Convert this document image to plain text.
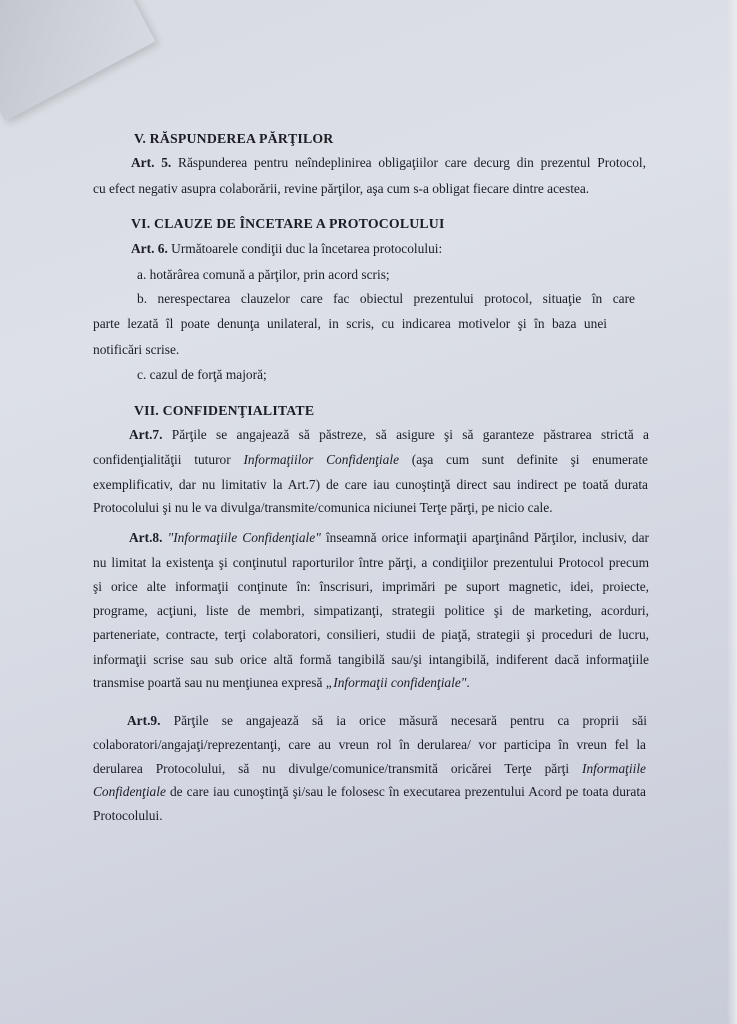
V. RĂSPUNDEREA PĂRŢILOR
Art. 5. Răspunderea pentru neîndeplinirea obligaţiilor care decurg din prezentul Protocol,
cu efect negativ asupra colaborării, revine părţilor, aşa cum s-a obligat fiecare dintre acestea.
VI. CLAUZE DE ÎNCETARE A PROTOCOLULUI
Art. 6. Următoarele condiţii duc la încetarea protocolului:
a. hotărârea comună a părţilor, prin acord scris;
b. nerespectarea clauzelor care fac obiectul prezentului protocol, situaţie în care
parte lezată îl poate denunţa unilateral, in scris, cu indicarea motivelor şi în baza unei
notificări scrise.
c. cazul de forţă majoră;
VII. CONFIDENŢIALITATE
Art.7. Părţile se angajează să păstreze, să asigure şi să garanteze păstrarea strictă a
confidenţialităţii tuturor Informaţiilor Confidenţiale (aşa cum sunt definite şi enumerate
exemplificativ, dar nu limitativ la Art.7) de care iau cunoştinţă direct sau indirect pe toată durata
Protocolului şi nu le va divulga/transmite/comunica niciunei Terţe părţi, pe nicio cale.
Art.8. "Informaţiile Confidenţiale" înseamnă orice informaţii aparţinând Părţilor, inclusiv, dar
nu limitat la existenţa şi conţinutul raporturilor între părţi, a condiţiilor prezentului Protocol precum
şi orice alte informaţii conţinute în: înscrisuri, imprimări pe suport magnetic, idei, proiecte,
programe, acţiuni, liste de membri, simpatizanţi, strategii politice şi de marketing, acorduri,
parteneriate, contracte, terţi colaboratori, consilieri, studii de piaţă, strategii şi proceduri de lucru,
informaţii scrise sau sub orice altă formă tangibilă sau/şi intangibilă, indiferent dacă informaţiile
transmise poartă sau nu menţiunea expresă „Informaţii confidenţiale".
Art.9. Părţile se angajează să ia orice măsură necesară pentru ca proprii săi
colaboratori/angajaţi/reprezentanţi, care au vreun rol în derularea/ vor participa în vreun fel la
derularea Protocolului, să nu divulge/comunice/transmită oricărei Terţe părţi Informaţiile
Confidenţiale de care iau cunoştinţă şi/sau le folosesc în executarea prezentului Acord pe toata durata
Protocolului.
